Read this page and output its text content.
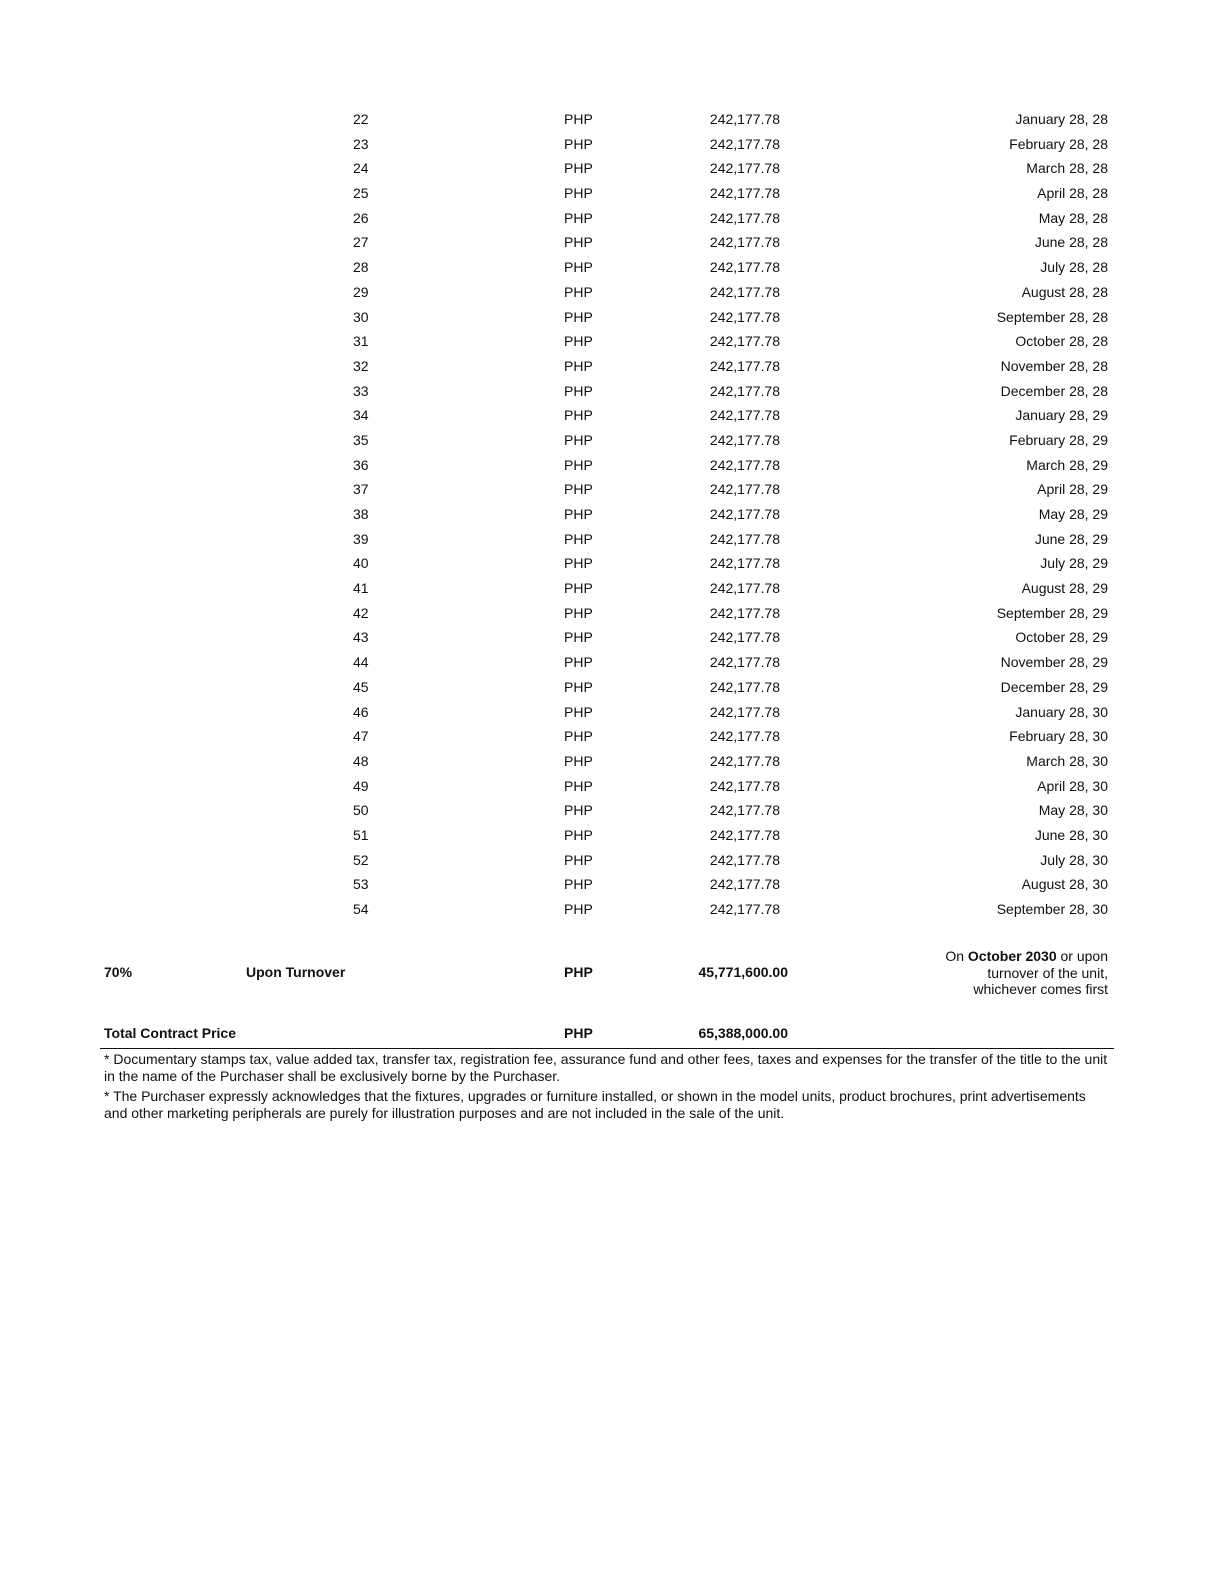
22	PHP	242,177.78	January 28, 28
23	PHP	242,177.78	February 28, 28
24	PHP	242,177.78	March 28, 28
25	PHP	242,177.78	April 28, 28
26	PHP	242,177.78	May 28, 28
27	PHP	242,177.78	June 28, 28
28	PHP	242,177.78	July 28, 28
29	PHP	242,177.78	August 28, 28
30	PHP	242,177.78	September 28, 28
31	PHP	242,177.78	October 28, 28
32	PHP	242,177.78	November 28, 28
33	PHP	242,177.78	December 28, 28
34	PHP	242,177.78	January 28, 29
35	PHP	242,177.78	February 28, 29
36	PHP	242,177.78	March 28, 29
37	PHP	242,177.78	April 28, 29
38	PHP	242,177.78	May 28, 29
39	PHP	242,177.78	June 28, 29
40	PHP	242,177.78	July 28, 29
41	PHP	242,177.78	August 28, 29
42	PHP	242,177.78	September 28, 29
43	PHP	242,177.78	October 28, 29
44	PHP	242,177.78	November 28, 29
45	PHP	242,177.78	December 28, 29
46	PHP	242,177.78	January 28, 30
47	PHP	242,177.78	February 28, 30
48	PHP	242,177.78	March 28, 30
49	PHP	242,177.78	April 28, 30
50	PHP	242,177.78	May 28, 30
51	PHP	242,177.78	June 28, 30
52	PHP	242,177.78	July 28, 30
53	PHP	242,177.78	August 28, 30
54	PHP	242,177.78	September 28, 30
70%	Upon Turnover	PHP	45,771,600.00
On October 2030 or upon
turnover of the unit,
whichever comes first
Total Contract Price	PHP	65,388,000.00

* Documentary stamps tax, value added tax, transfer tax, registration fee, assurance fund and other fees, taxes and expenses for the transfer of the title to the unit in the name of the Purchaser shall be exclusively borne by the Purchaser.

* The Purchaser expressly acknowledges that the fixtures, upgrades or furniture installed, or shown in the model units, product brochures, print advertisements and other marketing peripherals are purely for illustration purposes and are not included in the sale of the unit.
